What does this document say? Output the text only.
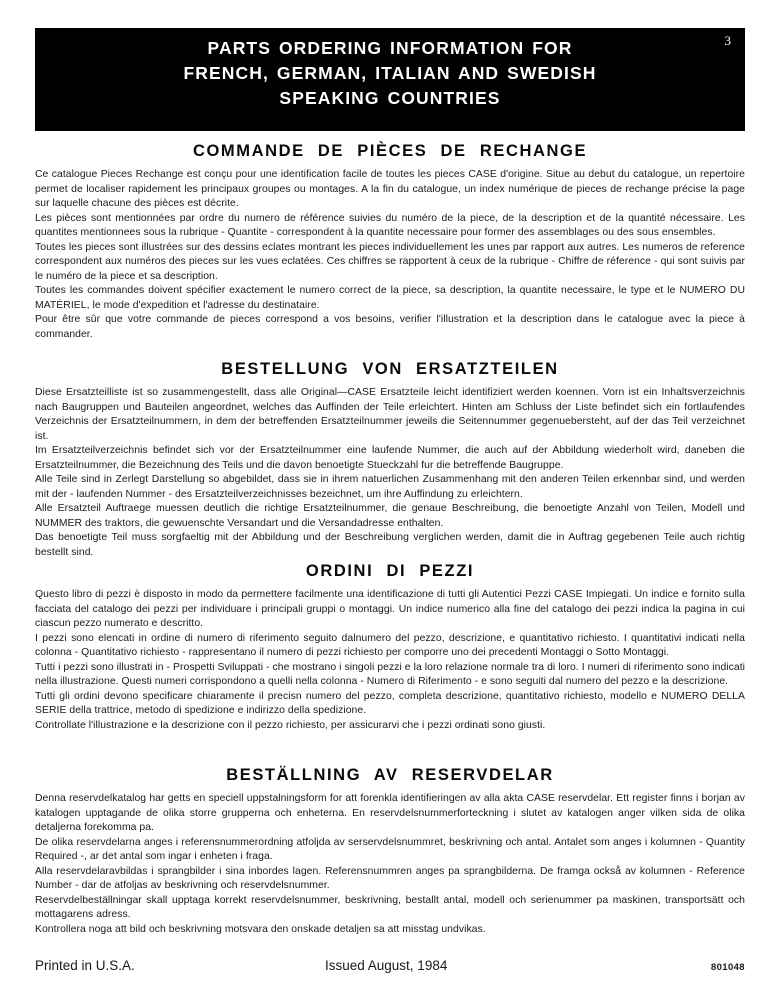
PARTS ORDERING INFORMATION FOR
FRENCH, GERMAN, ITALIAN AND SWEDISH
SPEAKING COUNTRIES
3
COMMANDE DE PIÈCES DE RECHANGE

Ce catalogue Pieces Rechange est conçu pour une identification facile de toutes les pieces CASE d'origine. Situe au debut du catalogue, un repertoire permet de localiser rapidement les principaux groupes ou montages. A la fin du catalogue, un index numérique de pieces de rechange précise la page sur laquelle chacune des pièces est décrite.

Les pièces sont mentionnées par ordre du numero de référence suivies du numéro de la piece, de la description et de la quantité nécessaire. Les quantites mentionnees sous la rubrique - Quantite - correspondent à la quantite necessaire pour former des assemblages ou des sous ensembles.

Toutes les pieces sont illustrées sur des dessins eclates montrant les pieces individuellement les unes par rapport aux autres. Les numeros de reference correspondent aux numéros des pieces sur les vues eclatées. Ces chiffres se rapportent à ceux de la rubrique - Chiffre de réference - qui sont suivis par le numéro de la piece et sa description.

Toutes les commandes doivent spécifier exactement le numero correct de la piece, sa description, la quantite necessaire, le type et le NUMERO DU MATÉRIEL, le mode d'expedition et l'adresse du destinataire.

Pour être sûr que votre commande de pieces correspond a vos besoins, verifier l'illustration et la description dans le catalogue avec la piece à commander.

BESTELLUNG VON ERSATZTEILEN

Diese Ersatzteilliste ist so zusammengestellt, dass alle Original—CASE Ersatzteile leicht identifiziert werden koennen. Vorn ist ein Inhaltsverzeichnis nach Baugruppen und Bauteilen angeordnet, welches das Auffinden der Teile erleichtert. Hinten am Schluss der Liste befindet sich ein fortlaufendes Verzeichnis der Ersatzteilnummern, in dem der betreffenden Ersatzteilnummer jeweils die Seitennummer gegenuebersteht, auf der das Teil verzeichnet ist.

Im Ersatzteilverzeichnis befindet sich vor der Ersatzteilnummer eine laufende Nummer, die auch auf der Abbildung wiederholt wird, daneben die Ersatzteilnummer, die Bezeichnung des Teils und die davon benoetigte Stueckzahl fur die betreffende Baugruppe.

Alle Teile sind in Zerlegt Darstellung so abgebildet, dass sie in ihrem natuerlichen Zusammenhang mit den anderen Teilen erkennbar sind, und werden mit der - laufenden Nummer - des Ersatzteilverzeichnisses bezeichnet, um ihre Auffindung zu erleichtern.

Alle Ersatzteil Auftraege muessen deutlich die richtige Ersatzteilnummer, die genaue Beschreibung, die benoetigte Anzahl von Teilen, Modell und NUMMER des traktors, die gewuenschte Versandart und die Versandadresse enthalten.

Das benoetigte Teil muss sorgfaeltig mit der Abbildung und der Beschreibung verglichen werden, damit die in Auftrag gegebenen Teile auch richtig bestellt sind.

ORDINI DI PEZZI

Questo libro di pezzi è disposto in modo da permettere facilmente una identificazione di tutti gli Autentici Pezzi CASE Impiegati. Un indice e fornito sulla facciata del catalogo dei pezzi per individuare i principali gruppi o montaggi. Un indice numerico alla fine del catalogo dei pezzi indica la pagina in cui ciascun pezzo numerato e descritto.

I pezzi sono elencati in ordine di numero di riferimento seguito dalnumero del pezzo, descrizione, e quantitativo richiesto. I quantitativi indicati nella colonna - Quantitativo richiesto - rappresentano il numero di pezzi richiesto per comporre uno dei precedenti Montaggi o Sotto Montaggi.

Tutti i pezzi sono illustrati in - Prospetti Sviluppati - che mostrano i singoli pezzi e la loro relazione normale tra di loro. I numeri di riferimento sono indicati nella illustrazione. Questi numeri corrispondono a quelli nella colonna - Numero di Riferimento - e sono seguiti dal numero del pezzo e la descrizione.

Tutti gli ordini devono specificare chiaramente il precisn numero del pezzo, completa descrizione, quantitativo richiesto, modello e NUMERO DELLA SERIE della trattrice, metodo di spedizione e indirizzo della spedizione.

Controllate l'illustrazione e la descrizione con il pezzo richiesto, per assicurarvi che i pezzi ordinati sono giusti.

BESTÄLLNING AV RESERVDELAR

Denna reservdelkatalog har getts en speciell uppstalningsform for att forenkla identifieringen av alla akta CASE reservdelar. Ett register finns i borjan av katalogen upptagande de olika storre grupperna och enheterna. En reservdelsnummerforteckning i slutet av katalogen anger vilken sida de olika detaljerna forekomma pa.

De olika reservdelarna anges i referensnummerordning atfoljda av serservdelsnummret, beskrivning och antal. Antalet som anges i kolumnen - Quantity Required -, ar det antal som ingar i enheten i fraga.

Alla reservdelaravbildas i sprangbilder i sina inbordes lagen. Referensnummren anges pa sprangbilderna. De framga också av kolumnen - Reference Number - dar de atfoljas av beskrivning och reservdelsnummer.

Reservdelbeställningar skall upptaga korrekt reservdelsnummer, beskrivning, bestallt antal, modell och serienummer pa maskinen, transportsätt och mottagarens adress.

Kontrollera noga att bild och beskrivning motsvara den onskade detaljen sa att misstag undvikas.

Printed in U.S.A.	Issued August, 1984	801048
